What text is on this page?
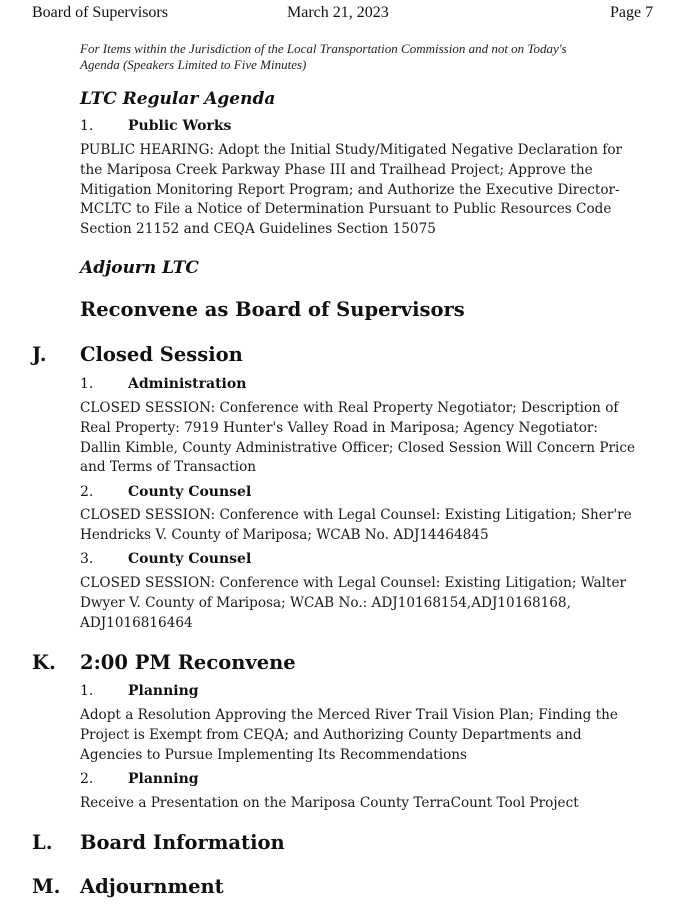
Board of Supervisors	March 21, 2023	Page 7
For Items within the Jurisdiction of the Local Transportation Commission and not on Today's
Agenda (Speakers Limited to Five Minutes)
LTC Regular Agenda
1. Public Works
PUBLIC HEARING: Adopt the Initial Study/Mitigated Negative Declaration for
the Mariposa Creek Parkway Phase III and Trailhead Project; Approve the
Mitigation Monitoring Report Program; and Authorize the Executive Director-
MCLTC to File a Notice of Determination Pursuant to Public Resources Code
Section 21152 and CEQA Guidelines Section 15075
Adjourn LTC
Reconvene as Board of Supervisors
J. Closed Session
1. Administration
CLOSED SESSION: Conference with Real Property Negotiator; Description of
Real Property: 7919 Hunter's Valley Road in Mariposa; Agency Negotiator:
Dallin Kimble, County Administrative Officer; Closed Session Will Concern Price
and Terms of Transaction
2. County Counsel
CLOSED SESSION: Conference with Legal Counsel: Existing Litigation; Sher're
Hendricks V. County of Mariposa; WCAB No. ADJ14464845
3. County Counsel
CLOSED SESSION: Conference with Legal Counsel: Existing Litigation; Walter
Dwyer V. County of Mariposa; WCAB No.: ADJ10168154,ADJ10168168,
ADJ1016816464
K. 2:00 PM Reconvene
1. Planning
Adopt a Resolution Approving the Merced River Trail Vision Plan; Finding the
Project is Exempt from CEQA; and Authorizing County Departments and
Agencies to Pursue Implementing Its Recommendations
2. Planning
Receive a Presentation on the Mariposa County TerraCount Tool Project
L. Board Information
M. Adjournment
